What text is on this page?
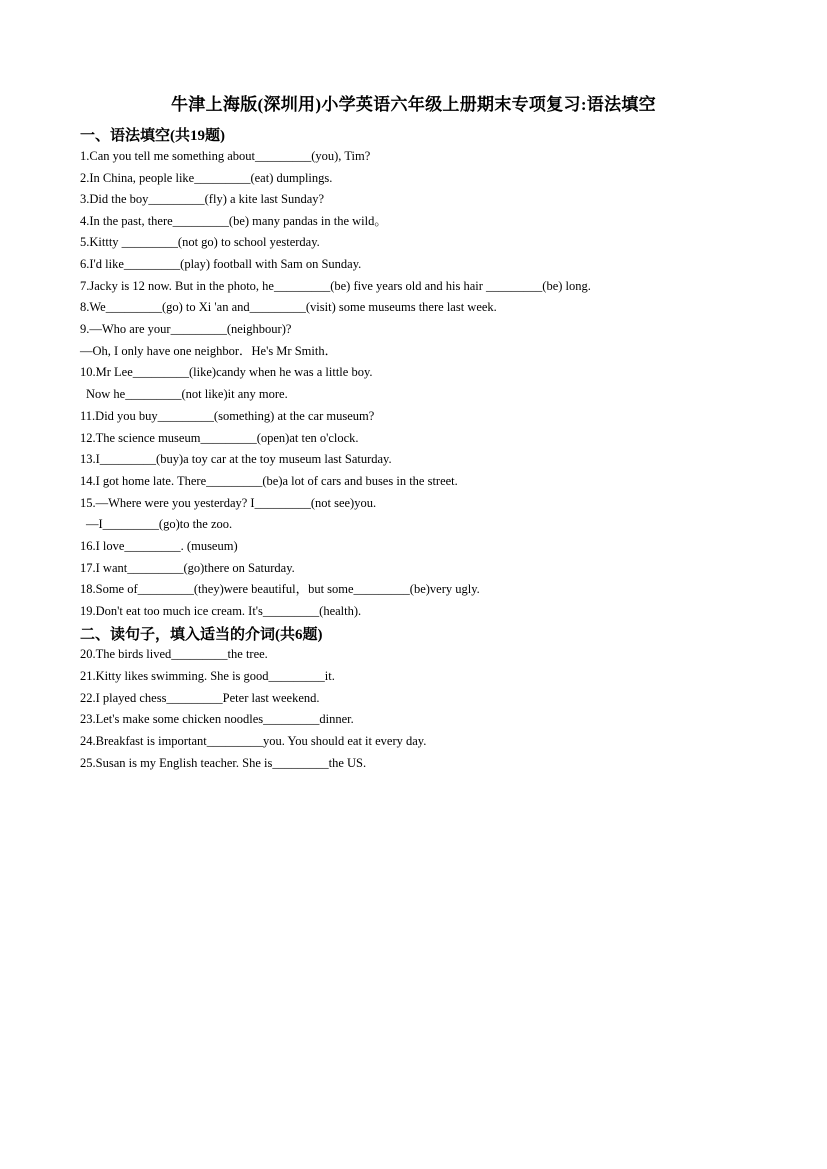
牛津上海版(深圳用)小学英语六年级上册期末专项复习:语法填空
一、语法填空(共19题)
1.Can you tell me something about_________(you), Tim?
2.In China, people like_________(eat) dumplings.
3.Did the boy_________(fly) a kite last Sunday?
4.In the past, there_________(be) many pandas in the wild。
5.Kittty _________(not go) to school yesterday.
6.I'd like_________(play) football with Sam on Sunday.
7.Jacky is 12 now. But in the photo, he_________(be) five years old and his hair _________(be) long.
8.We_________(go) to Xi 'an and_________(visit) some museums there last week.
9.—Who are your_________(neighbour)?
—Oh, I only have one neighbor．He's Mr Smith．
10.Mr Lee_________(like)candy when he was a little boy.
Now he_________(not like)it any more.
11.Did you buy_________(something) at the car museum?
12.The science museum_________(open)at ten o'clock.
13.I_________(buy)a toy car at the toy museum last Saturday.
14.I got home late. There_________(be)a lot of cars and buses in the street.
15.—Where were you yesterday? I_________(not see)you.
—I_________(go)to the zoo.
16.I love_________. (museum)
17.I want_________(go)there on Saturday.
18.Some of_________(they)were beautiful，but some_________(be)very ugly.
19.Don't eat too much ice cream. It's_________(health).
二、读句子，填入适当的介词(共6题)
20.The birds lived_________the tree.
21.Kitty likes swimming. She is good_________it.
22.I played chess_________Peter last weekend.
23.Let's make some chicken noodles_________dinner.
24.Breakfast is important_________you. You should eat it every day.
25.Susan is my English teacher. She is_________the US.
